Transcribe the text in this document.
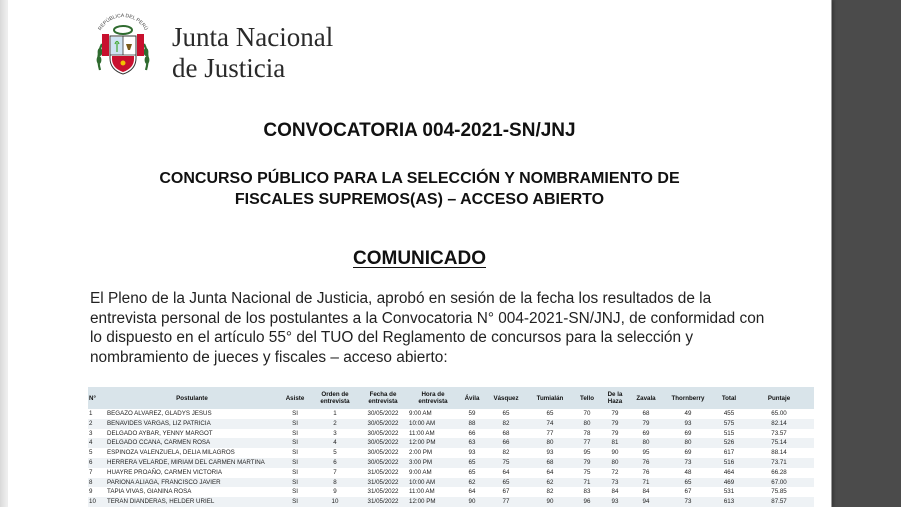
REPÚBLICA DEL PERÚ Junta Nacional
de Justicia
CONVOCATORIA 004-2021-SN/JNJ
CONCURSO PÚBLICO PARA LA SELECCIÓN Y NOMBRAMIENTO DE
FISCALES SUPREMOS(AS) – ACCESO ABIERTO
COMUNICADO
El Pleno de la Junta Nacional de Justicia, aprobó en sesión de la fecha los resultados de la entrevista personal de los postulantes a la Convocatoria N° 004-2021-SN/JNJ, de conformidad con lo dispuesto en el artículo 55° del TUO del Reglamento de concursos para la selección y nombramiento de jueces y fiscales – acceso abierto:
N°	Postulante	Asiste	Orden de entrevista	Fecha de entrevista	Hora de entrevista	Ávila	Vásquez	Tumialán	Tello	De la Haza	Zavala	Thornberry	Total	Puntaje
1	BEGAZO ALVAREZ, GLADYS JESUS	SI	1	30/05/2022	9:00 AM	59	65	65	70	79	68	49	455	65.00
2	BENAVIDES VARGAS, LIZ PATRICIA	SI	2	30/05/2022	10:00 AM	88	82	74	80	79	79	93	575	82.14
3	DELGADO AYBAR, YENNY MARGOT	SI	3	30/05/2022	11:00 AM	66	68	77	78	79	69	69	515	73.57
4	DELGADO CCANA, CARMEN ROSA	SI	4	30/05/2022	12:00 PM	63	66	80	77	81	80	80	526	75.14
5	ESPINOZA VALENZUELA, DELIA MILAGROS	SI	5	30/05/2022	2:00 PM	93	82	93	95	90	95	69	617	88.14
6	HERRERA VELARDE, MIRIAM DEL CARMEN MARTINA	SI	6	30/05/2022	3:00 PM	65	75	68	79	80	76	73	516	73.71
7	HUAYRE PROAÑO, CARMEN VICTORIA	SI	7	31/05/2022	9:00 AM	65	64	64	75	72	76	48	464	66.28
8	PARIONA ALIAGA, FRANCISCO JAVIER	SI	8	31/05/2022	10:00 AM	62	65	62	71	73	71	65	469	67.00
9	TAPIA VIVAS, GIANINA ROSA	SI	9	31/05/2022	11:00 AM	64	67	82	83	84	84	67	531	75.85
10	TERAN DIANDERAS, HELDER URIEL	SI	10	31/05/2022	12:00 PM	90	77	90	96	93	94	73	613	87.57
